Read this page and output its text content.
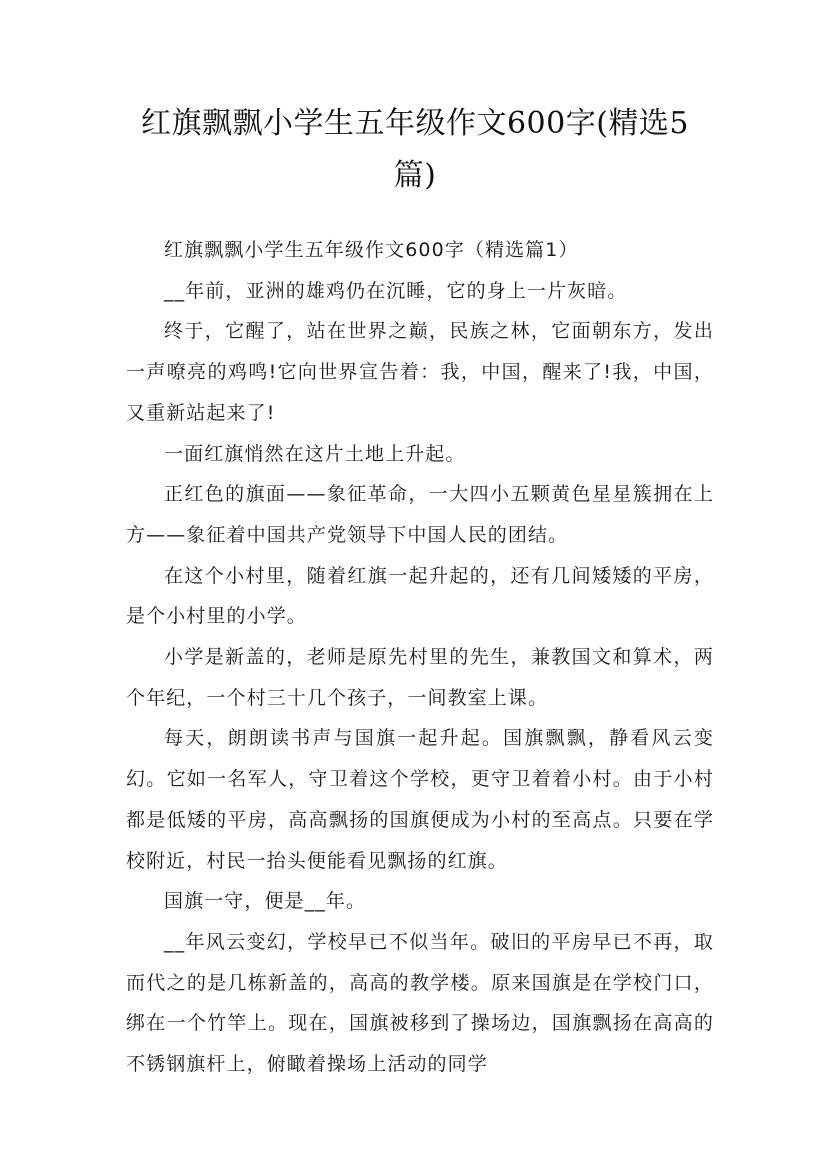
红旗飘飘小学生五年级作文600字(精选5篇)

红旗飘飘小学生五年级作文600字（精选篇1）

__年前，亚洲的雄鸡仍在沉睡，它的身上一片灰暗。

终于，它醒了，站在世界之巅，民族之林，它面朝东方，发出一声嘹亮的鸡鸣!它向世界宣告着：我，中国，醒来了!我，中国，又重新站起来了!

一面红旗悄然在这片土地上升起。

正红色的旗面——象征革命，一大四小五颗黄色星星簇拥在上方——象征着中国共产党领导下中国人民的团结。

在这个小村里，随着红旗一起升起的，还有几间矮矮的平房，是个小村里的小学。

小学是新盖的，老师是原先村里的先生，兼教国文和算术，两个年纪，一个村三十几个孩子，一间教室上课。

每天，朗朗读书声与国旗一起升起。国旗飘飘，静看风云变幻。它如一名军人，守卫着这个学校，更守卫着着小村。由于小村都是低矮的平房，高高飘扬的国旗便成为小村的至高点。只要在学校附近，村民一抬头便能看见飘扬的红旗。

国旗一守，便是__年。

__年风云变幻，学校早已不似当年。破旧的平房早已不再，取而代之的是几栋新盖的，高高的教学楼。原来国旗是在学校门口，绑在一个竹竿上。现在，国旗被移到了操场边，国旗飘扬在高高的不锈钢旗杆上，俯瞰着操场上活动的同学
